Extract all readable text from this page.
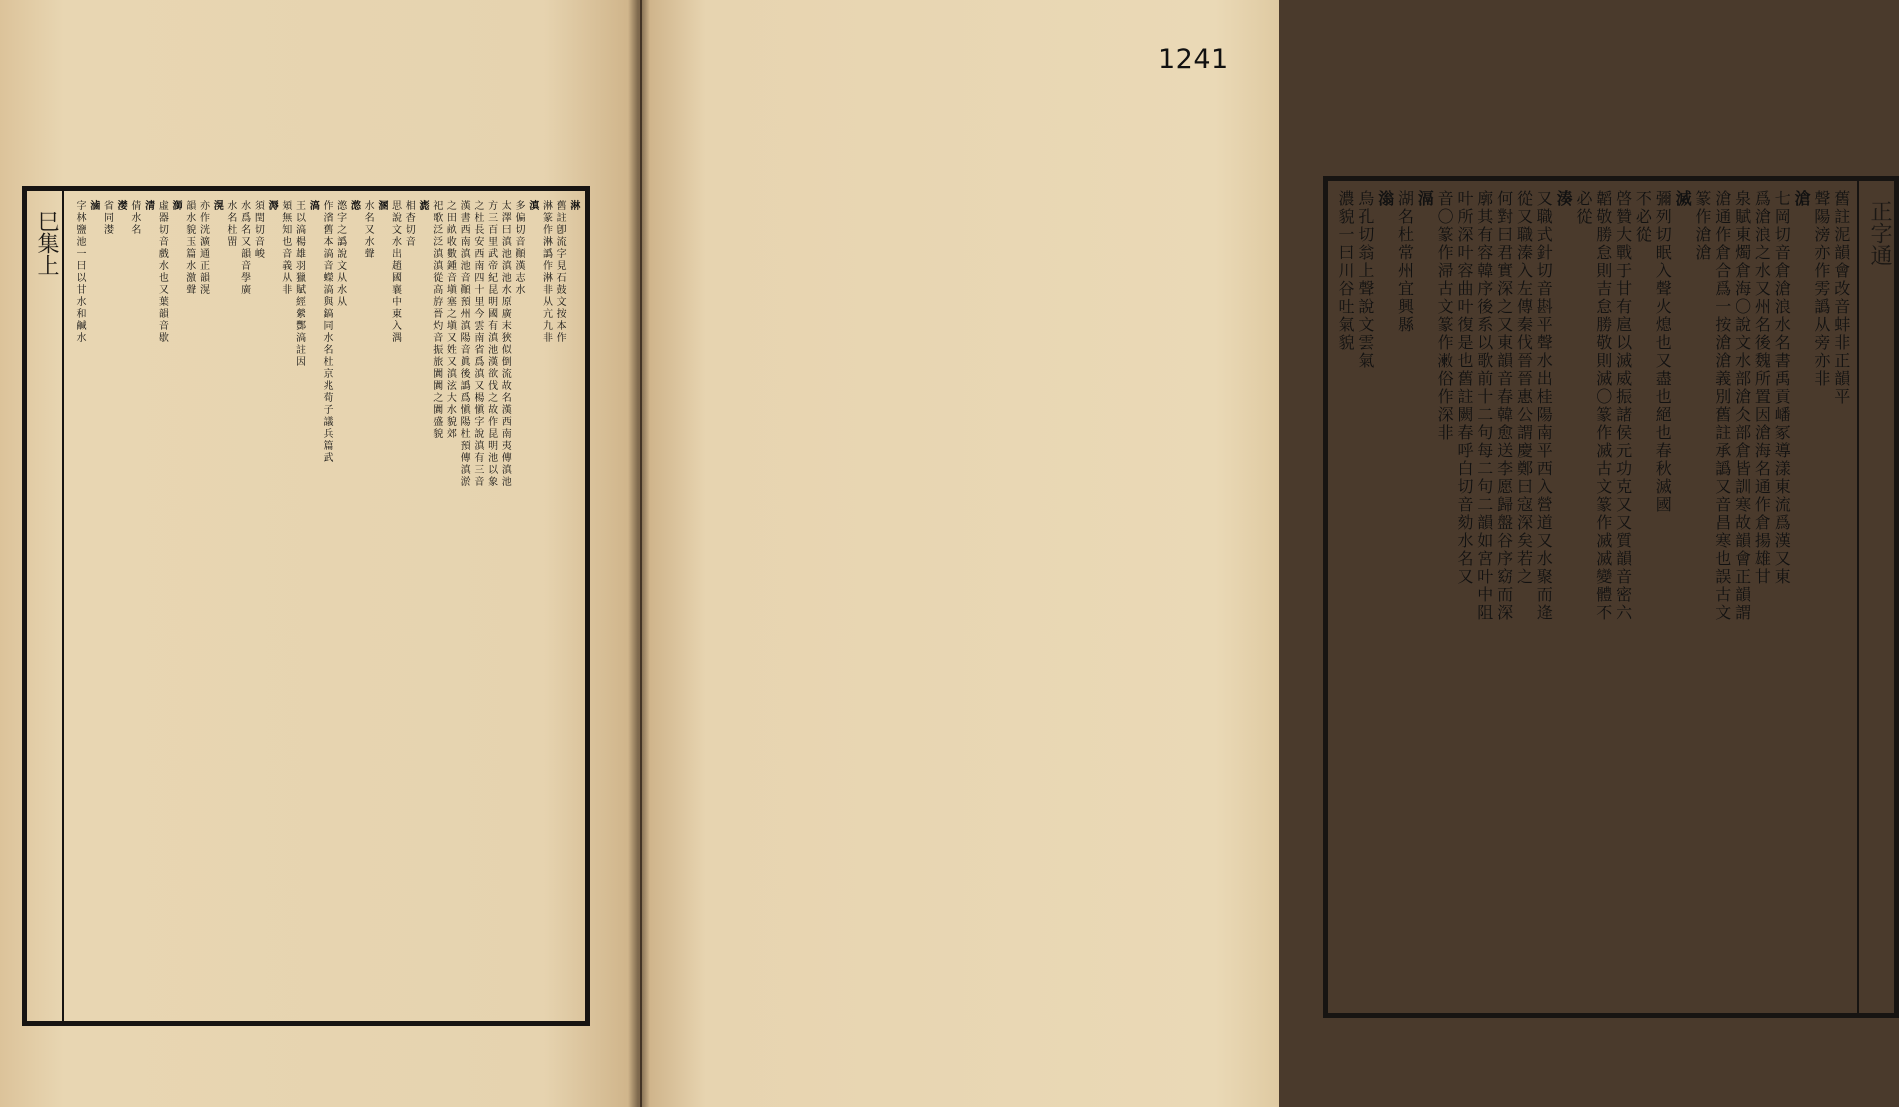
巳集上
淋
舊註卽流字見石鼓文按本作
淋篆作淋譌作淋非从亢九非
滇
多偏切音顚漢志水
太澤曰滇池滇池水原廣末狹似倒流故名漢西南夷傳滇池
方三百里武帝紀昆明國有滇池漢欲伐之故作昆明池以象
之杜長安西南四十里今雲南省爲滇又楊愼字說滇有三音
漢書西南滇池音顚預州滇陽音眞後譌爲愼陽杜預傳滇淤
之田畝收數鍾音塡塞之塡又姓又滇泫大水貌郊
祀歌泛泛滇滇從高斿晉灼音振旅闐闐之闐盛貌
滮
相杳切音
思說文水出趙國襄中東入湡
溷
水名又水聲
滺
滺字之譌說文从水从
作渻舊本滈音蠑滈與鎬同水名杜京兆荀子議兵篇武
滈
王以滈楊雄羽獵賦經縈酆滈註因
頍無知也音義从非
溽
須閏切音峻
水爲名又韻音學廣
水名杜㽞
滉
亦作洸瀇通正韻滉
韻水貌玉篇水激聲
溮
虛器切音戲水也又葉韻音歇
清
倩水名
漤
省同漤
滷
字林鹽池一曰以甘水和鹹水	正字通
舊註泥韻會改音蚌非正韻平
聲陽滂亦作雱譌从旁亦非
滄
七岡切音倉滄浪水名書禹貢嶓冢導漾東流爲漢又東
爲滄浪之水又州名後魏所置因滄海名通作倉揚雄甘
泉賦東燭倉海〇說文水部滄仌部倉皆訓寒故韻會正韻謂
滄通作倉合爲一按滄滄義別舊註承譌又音昌寒也誤古文
篆作滄滄
滅
彌列切眠入聲火熄也又盡也絕也春秋滅國
不必從
啓贊大戰于甘有扈以滅威振諸侯元功克又又質韻音密六
韜敬勝怠則吉怠勝敬則滅〇篆作㓕古文篆作㓕㓕變體不
必從
湊
又職式針切音斟平聲水出桂陽南平西入營道又水聚而逄
從又職溱入左傳秦伐晉晉惠公謂慶鄭曰寇深矣若之
何對曰君實深之又東韻音春韓愈送李愿歸盤谷序窈而深
廓其有容韓序後系以歌前十二句每二句二韻如宮叶中阻
叶所深叶容曲叶復是也舊註闕春呼白切音劾水名又
音〇篆作㴆古文篆作𣿊俗作深非
滆
湖名杜常州宜興縣
滃
烏孔切翁上聲說文雲氣
濃貌一曰川谷吐氣貌
1241
